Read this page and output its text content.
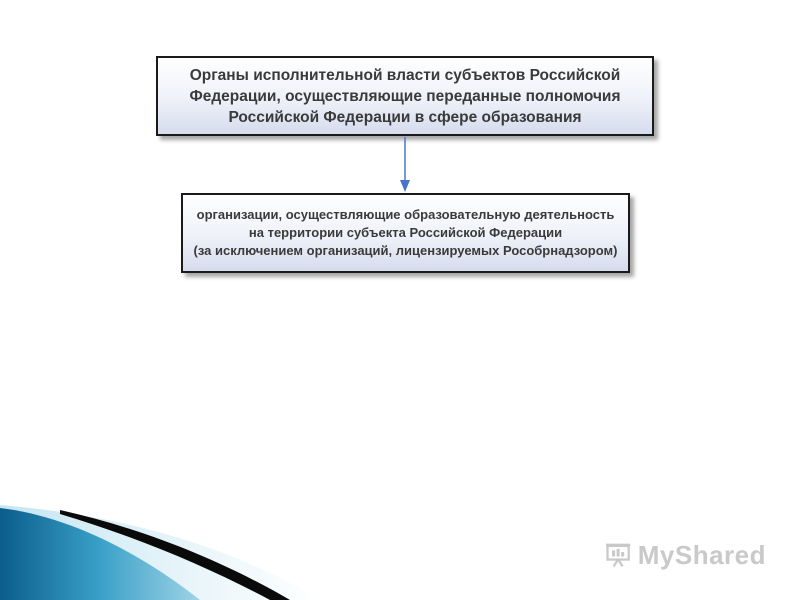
Органы исполнительной власти субъектов Российской
Федерации, осуществляющие переданные полномочия
Российской Федерации в сфере образования
организации, осуществляющие образовательную деятельность
на территории субъекта Российской Федерации
(за исключением организаций, лицензируемых Рособрнадзором)
MyShared
